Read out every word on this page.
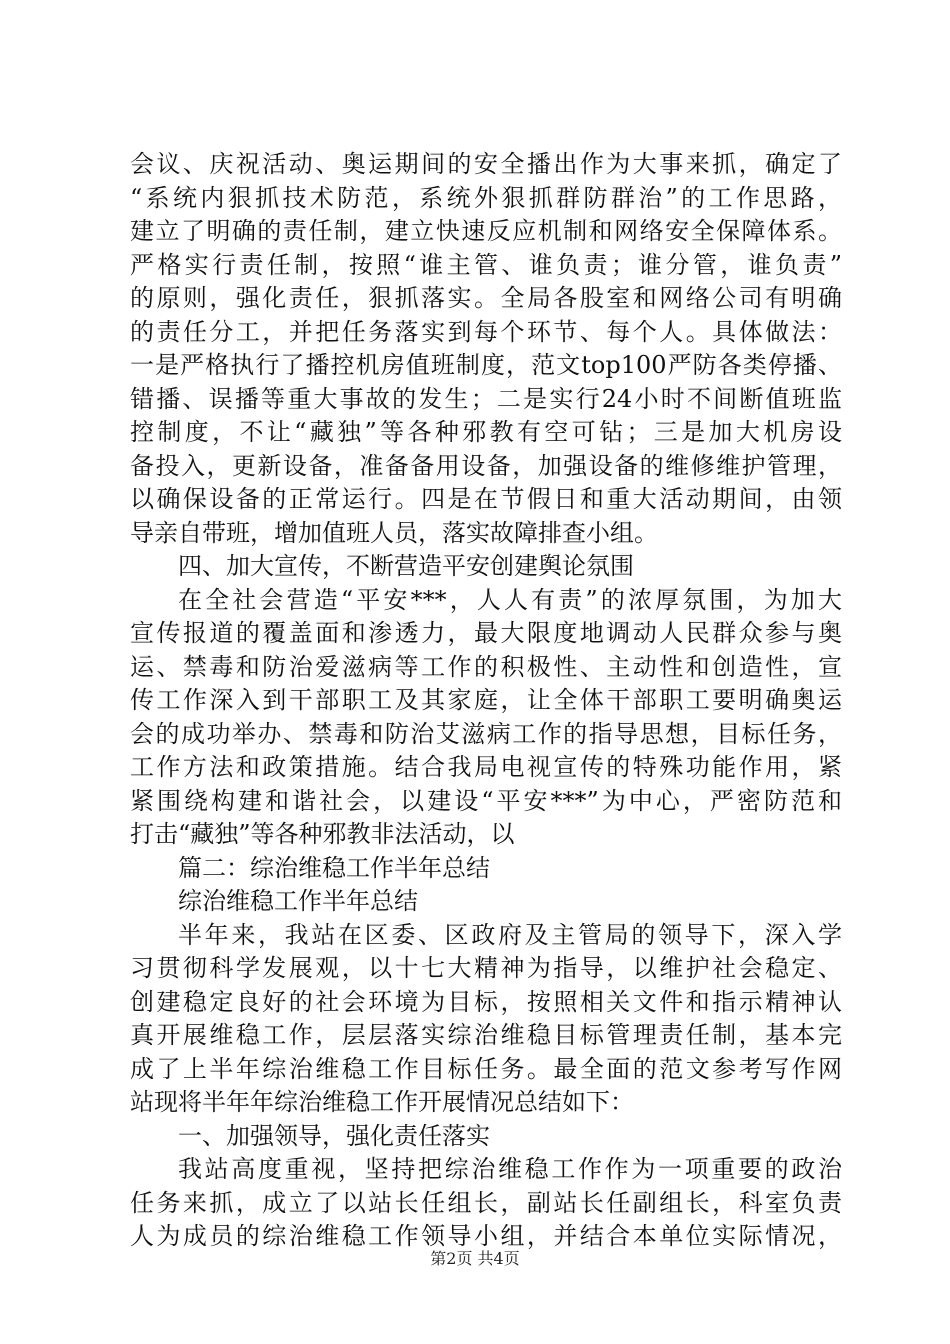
会议、庆祝活动、奥运期间的安全播出作为大事来抓，确定了
“系统内狠抓技术防范，系统外狠抓群防群治”的工作思路，
建立了明确的责任制，建立快速反应机制和网络安全保障体系。
严格实行责任制，按照“谁主管、谁负责；谁分管，谁负责”
的原则，强化责任，狠抓落实。全局各股室和网络公司有明确
的责任分工，并把任务落实到每个环节、每个人。具体做法：
一是严格执行了播控机房值班制度，范文top100严防各类停播、
错播、误播等重大事故的发生；二是实行24小时不间断值班监
控制度，不让“藏独”等各种邪教有空可钻；三是加大机房设
备投入，更新设备，准备备用设备，加强设备的维修维护管理，
以确保设备的正常运行。四是在节假日和重大活动期间，由领
导亲自带班，增加值班人员，落实故障排查小组。
四、加大宣传，不断营造平安创建舆论氛围
在全社会营造“平安***，人人有责”的浓厚氛围，为加大
宣传报道的覆盖面和渗透力，最大限度地调动人民群众参与奥
运、禁毒和防治爱滋病等工作的积极性、主动性和创造性，宣
传工作深入到干部职工及其家庭，让全体干部职工要明确奥运
会的成功举办、禁毒和防治艾滋病工作的指导思想，目标任务，
工作方法和政策措施。结合我局电视宣传的特殊功能作用，紧
紧围绕构建和谐社会，以建设“平安***”为中心，严密防范和
打击“藏独”等各种邪教非法活动，以
篇二：综治维稳工作半年总结
综治维稳工作半年总结
半年来，我站在区委、区政府及主管局的领导下，深入学
习贯彻科学发展观，以十七大精神为指导，以维护社会稳定、
创建稳定良好的社会环境为目标，按照相关文件和指示精神认
真开展维稳工作，层层落实综治维稳目标管理责任制，基本完
成了上半年综治维稳工作目标任务。最全面的范文参考写作网
站现将半年年综治维稳工作开展情况总结如下：
一、加强领导，强化责任落实
我站高度重视，坚持把综治维稳工作作为一项重要的政治
任务来抓，成立了以站长任组长，副站长任副组长，科室负责
人为成员的综治维稳工作领导小组，并结合本单位实际情况，
第2页 共4页
